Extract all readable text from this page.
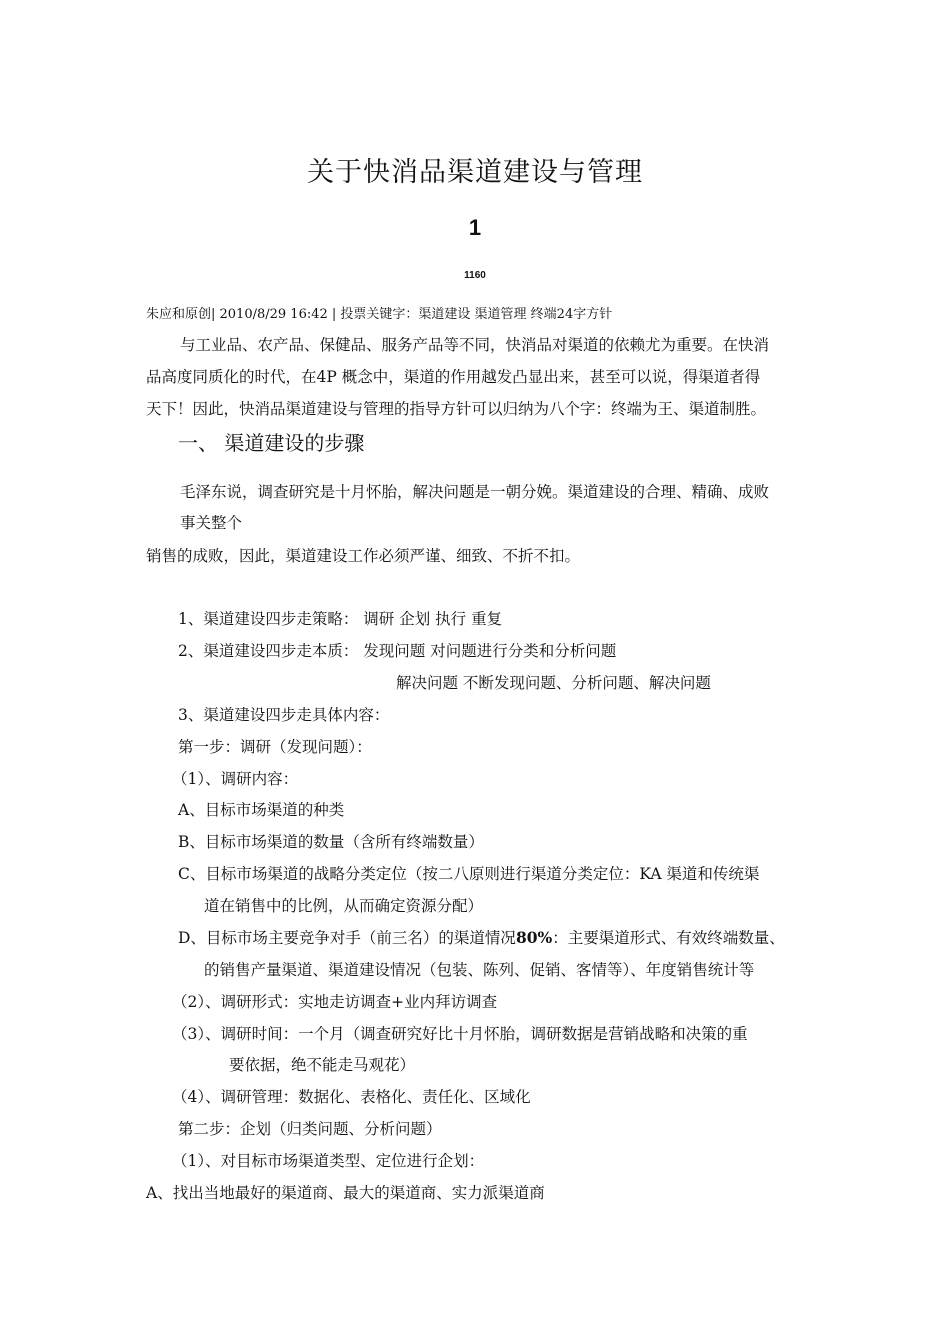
关于快消品渠道建设与管理
1
1160
朱应和原创| 2010/8/29 16:42 | 投票关键字：渠道建设 渠道管理 终端24字方针
与工业品、农产品、保健品、服务产品等不同，快消品对渠道的依赖尤为重要。在快消
品高度同质化的时代，在4P 概念中，渠道的作用越发凸显出来，甚至可以说，得渠道者得
天下！因此，快消品渠道建设与管理的指导方针可以归纳为八个字：终端为王、渠道制胜。
一、 渠道建设的步骤
毛泽东说，调查研究是十月怀胎，解决问题是一朝分娩。渠道建设的合理、精确、成败
事关整个
销售的成败，因此，渠道建设工作必须严谨、细致、不折不扣。
1、渠道建设四步走策略： 调研 企划 执行 重复
2、渠道建设四步走本质： 发现问题 对问题进行分类和分析问题
解决问题 不断发现问题、分析问题、解决问题
3、渠道建设四步走具体内容：
第一步：调研（发现问题）：
（1）、调研内容：
A、目标市场渠道的种类
B、目标市场渠道的数量（含所有终端数量）
C、目标市场渠道的战略分类定位（按二八原则进行渠道分类定位：KA 渠道和传统渠
道在销售中的比例，从而确定资源分配）
D、目标市场主要竞争对手（前三名）的渠道情况80%：主要渠道形式、有效终端数量、
的销售产量渠道、渠道建设情况（包装、陈列、促销、客情等）、年度销售统计等
（2）、调研形式：实地走访调查+业内拜访调查
（3）、调研时间：一个月（调查研究好比十月怀胎，调研数据是营销战略和决策的重
要依据，绝不能走马观花）
（4）、调研管理：数据化、表格化、责任化、区域化
第二步：企划（归类问题、分析问题）
（1）、对目标市场渠道类型、定位进行企划：
A、找出当地最好的渠道商、最大的渠道商、实力派渠道商
